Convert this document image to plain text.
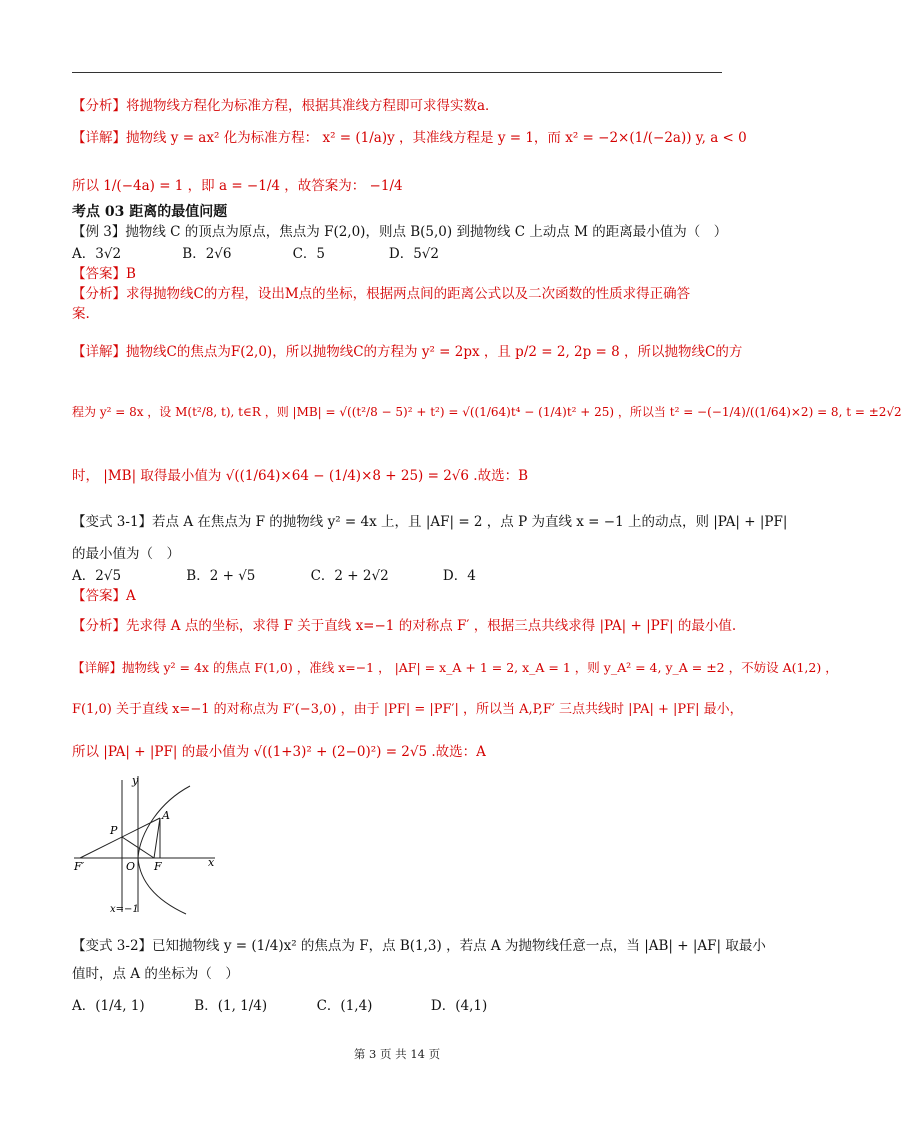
【分析】将抛物线方程化为标准方程，根据其准线方程即可求得实数a．
【详解】抛物线 y = ax² 化为标准方程： x² = (1/a)y ，其准线方程是 y = 1，而 x² = −2×(1/(−2a)) y, a < 0
所以 1/(−4a) = 1 ，即 a = −1/4 ，故答案为： −1/4
考点 03 距离的最值问题
【例 3】抛物线 C 的顶点为原点，焦点为 F(2,0)，则点 B(5,0) 到抛物线 C 上动点 M 的距离最小值为（　）
A．3√2	B．2√6	C．5	D．5√2
【答案】B
【分析】求得抛物线C的方程，设出M点的坐标，根据两点间的距离公式以及二次函数的性质求得正确答
案.
【详解】抛物线C的焦点为F(2,0)，所以抛物线C的方程为 y² = 2px ，且 p/2 = 2, 2p = 8 ，所以抛物线C的方
程为 y² = 8x ，设 M(t²/8, t), t∈R ，则 |MB| = √((t²/8 − 5)² + t²) = √((1/64)t⁴ − (1/4)t² + 25) ，所以当 t² = −(−1/4)/((1/64)×2) = 8, t = ±2√2
时， |MB| 取得最小值为 √((1/64)×64 − (1/4)×8 + 25) = 2√6 .故选：B
【变式 3-1】若点 A 在焦点为 F 的抛物线 y² = 4x 上，且 |AF| = 2 ，点 P 为直线 x = −1 上的动点，则 |PA| + |PF|
的最小值为（　）
A．2√5	B．2 + √5	C．2 + 2√2	D．4
【答案】A
【分析】先求得 A 点的坐标，求得 F 关于直线 x=−1 的对称点 F′ ，根据三点共线求得 |PA| + |PF| 的最小值.
【详解】抛物线 y² = 4x 的焦点 F(1,0) ，准线 x=−1 ， |AF| = x_A + 1 = 2, x_A = 1 ，则 y_A² = 4, y_A = ±2 ，不妨设 A(1,2) ，
F(1,0) 关于直线 x=−1 的对称点为 F′(−3,0) ，由于 |PF| = |PF′| ，所以当 A,P,F′ 三点共线时 |PA| + |PF| 最小，
所以 |PA| + |PF| 的最小值为 √((1+3)² + (2−0)²) = 2√5 .故选：A
y
A
P
F′	O F	x
x=−1
【变式 3-2】已知抛物线 y = (1/4)x² 的焦点为 F，点 B(1,3) ，若点 A 为抛物线任意一点，当 |AB| + |AF| 取最小
值时，点 A 的坐标为（　）
A．(1/4, 1)	B．(1, 1/4)	C．(1,4)	D．(4,1)
第 3 页 共 14 页
